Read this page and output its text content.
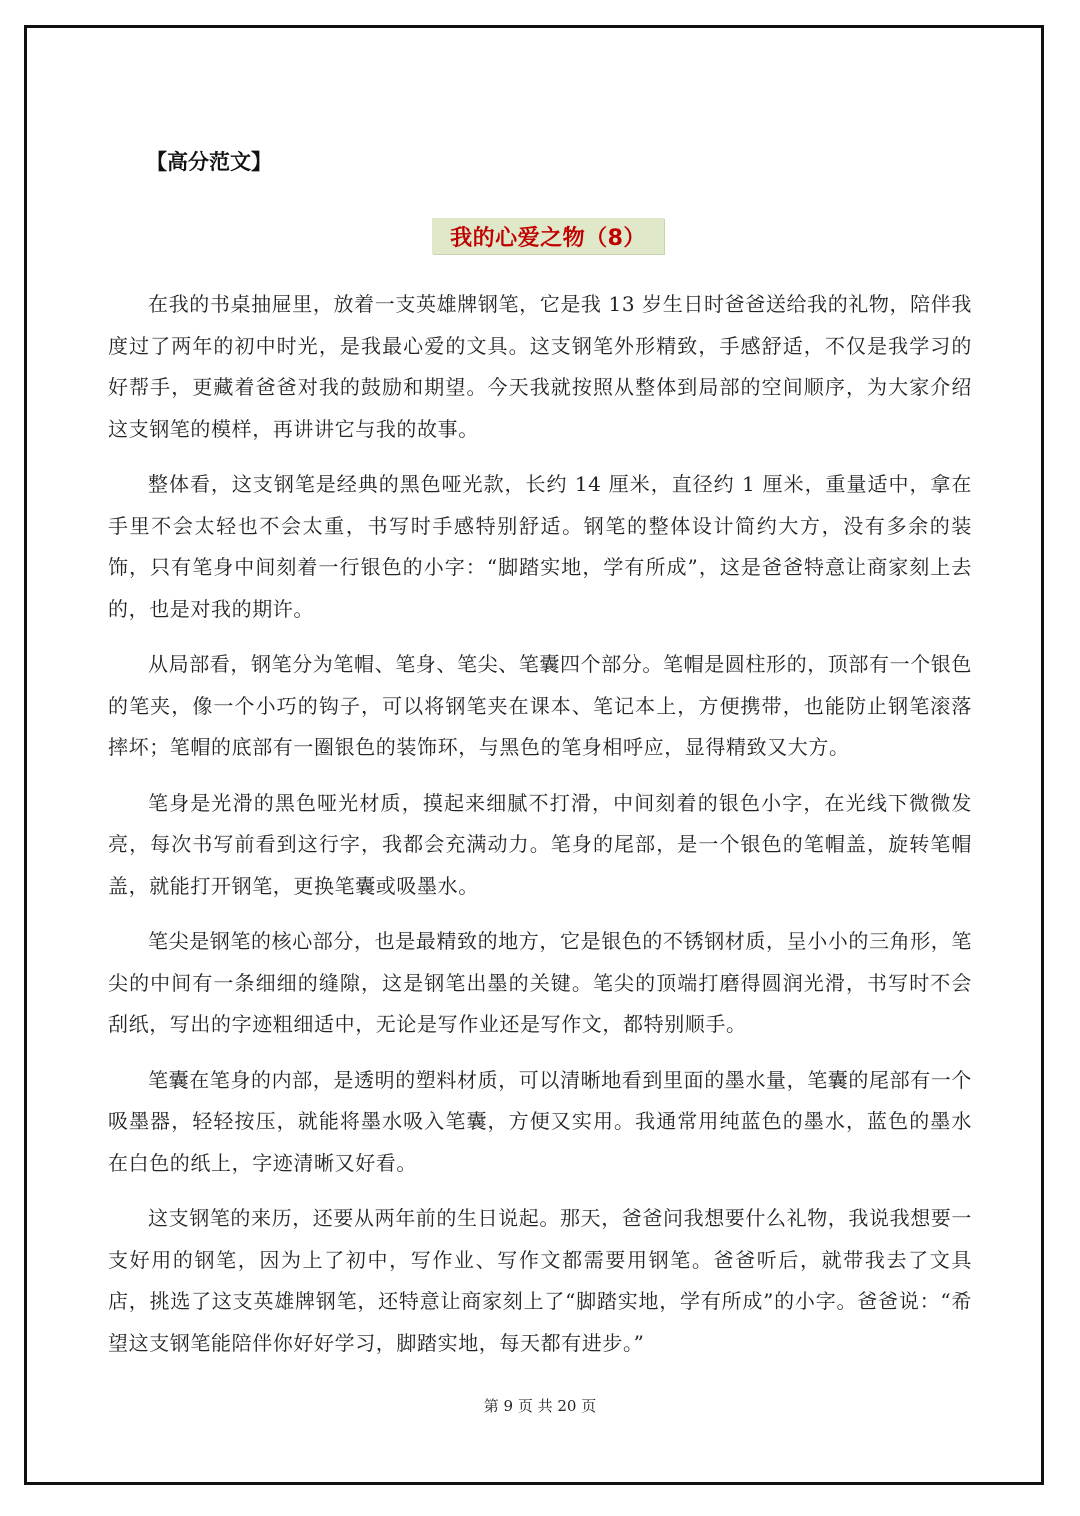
【高分范文】
我的心爱之物（8）

在我的书桌抽屉里，放着一支英雄牌钢笔，它是我 13 岁生日时爸爸送给我的礼物，陪伴我度过了两年的初中时光，是我最心爱的文具。这支钢笔外形精致，手感舒适，不仅是我学习的好帮手，更藏着爸爸对我的鼓励和期望。今天我就按照从整体到局部的空间顺序，为大家介绍这支钢笔的模样，再讲讲它与我的故事。

整体看，这支钢笔是经典的黑色哑光款，长约 14 厘米，直径约 1 厘米，重量适中，拿在手里不会太轻也不会太重，书写时手感特别舒适。钢笔的整体设计简约大方，没有多余的装饰，只有笔身中间刻着一行银色的小字：“脚踏实地，学有所成”，这是爸爸特意让商家刻上去的，也是对我的期许。

从局部看，钢笔分为笔帽、笔身、笔尖、笔囊四个部分。笔帽是圆柱形的，顶部有一个银色的笔夹，像一个小巧的钩子，可以将钢笔夹在课本、笔记本上，方便携带，也能防止钢笔滚落摔坏；笔帽的底部有一圈银色的装饰环，与黑色的笔身相呼应，显得精致又大方。

笔身是光滑的黑色哑光材质，摸起来细腻不打滑，中间刻着的银色小字，在光线下微微发亮，每次书写前看到这行字，我都会充满动力。笔身的尾部，是一个银色的笔帽盖，旋转笔帽盖，就能打开钢笔，更换笔囊或吸墨水。

笔尖是钢笔的核心部分，也是最精致的地方，它是银色的不锈钢材质，呈小小的三角形，笔尖的中间有一条细细的缝隙，这是钢笔出墨的关键。笔尖的顶端打磨得圆润光滑，书写时不会刮纸，写出的字迹粗细适中，无论是写作业还是写作文，都特别顺手。

笔囊在笔身的内部，是透明的塑料材质，可以清晰地看到里面的墨水量，笔囊的尾部有一个吸墨器，轻轻按压，就能将墨水吸入笔囊，方便又实用。我通常用纯蓝色的墨水，蓝色的墨水在白色的纸上，字迹清晰又好看。

这支钢笔的来历，还要从两年前的生日说起。那天，爸爸问我想要什么礼物，我说我想要一支好用的钢笔，因为上了初中，写作业、写作文都需要用钢笔。爸爸听后，就带我去了文具店，挑选了这支英雄牌钢笔，还特意让商家刻上了“脚踏实地，学有所成”的小字。爸爸说：“希望这支钢笔能陪伴你好好学习，脚踏实地，每天都有进步。”

第 9 页 共 20 页
